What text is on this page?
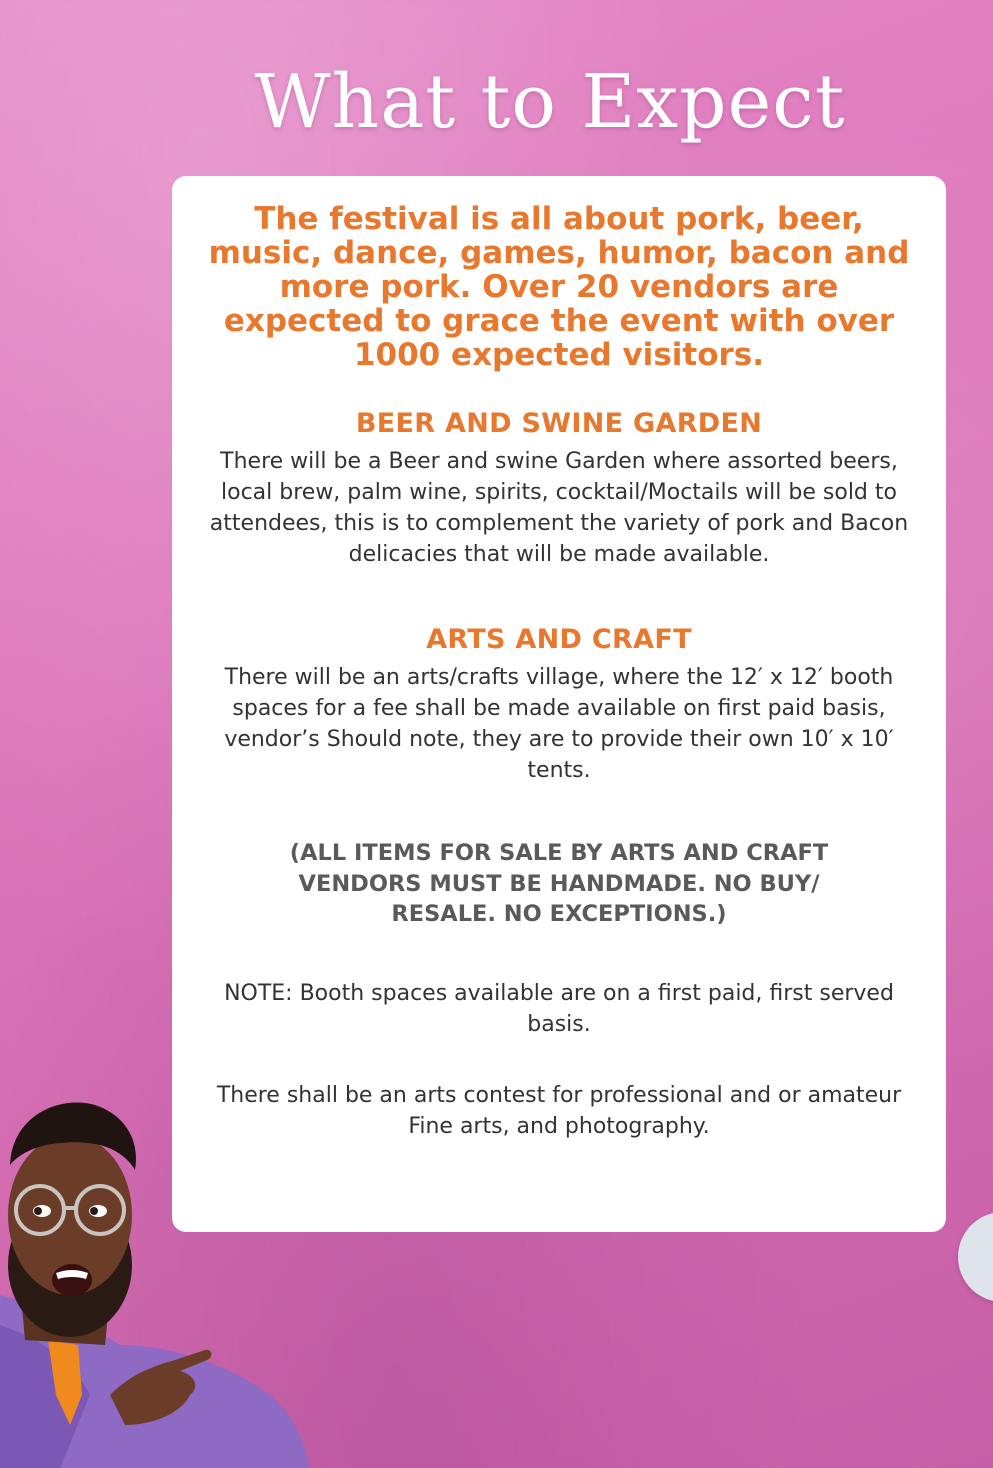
What to Expect

The festival is all about pork, beer, music, dance, games, humor, bacon and more pork. Over 20 vendors are expected to grace the event with over 1000 expected visitors.

BEER AND SWINE GARDEN

There will be a Beer and swine Garden where assorted beers, local brew, palm wine, spirits, cocktail/Moctails will be sold to attendees, this is to complement the variety of pork and Bacon delicacies that will be made available.

ARTS AND CRAFT

There will be an arts/crafts village, where the 12′ x 12′ booth spaces for a fee shall be made available on first paid basis, vendor’s Should note, they are to provide their own 10′ x 10′ tents.

(ALL ITEMS FOR SALE BY ARTS AND CRAFT VENDORS MUST BE HANDMADE. NO BUY/ RESALE. NO EXCEPTIONS.)

NOTE: Booth spaces available are on a first paid, first served basis.

There shall be an arts contest for professional and or amateur Fine arts, and photography.
